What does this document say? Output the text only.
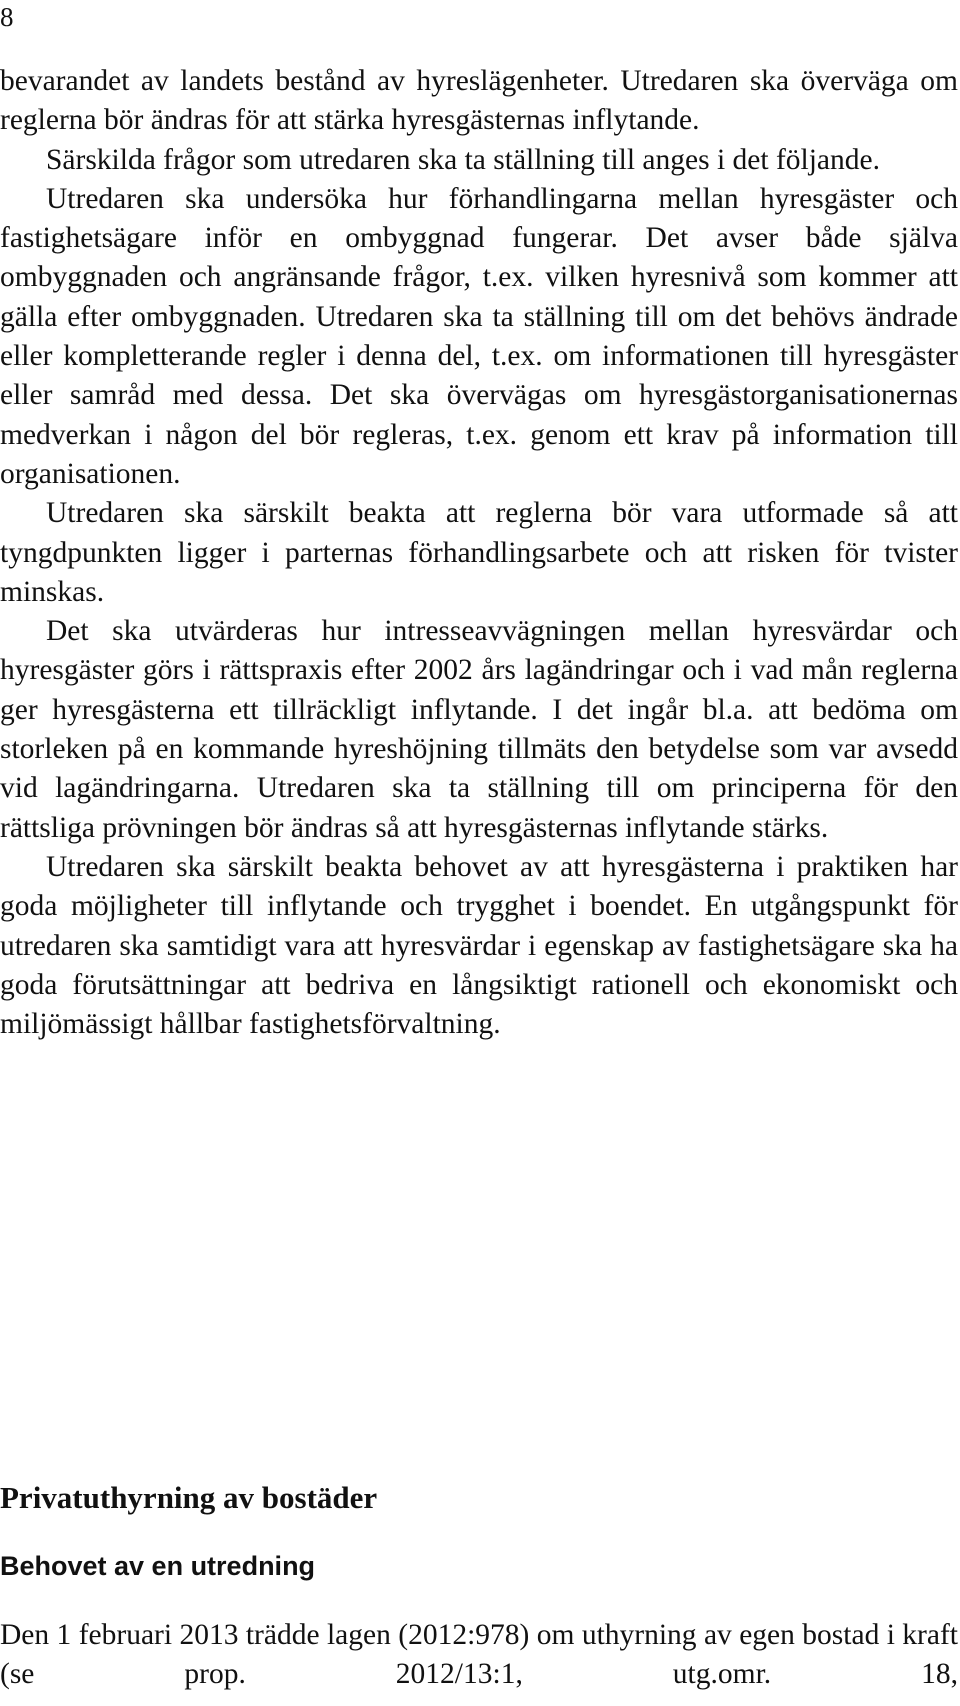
8

bevarandet av landets bestånd av hyreslägenheter. Utredaren ska överväga om reglerna bör ändras för att stärka hyresgästernas inflytande.

Särskilda frågor som utredaren ska ta ställning till anges i det följande.

Utredaren ska undersöka hur förhandlingarna mellan hyresgäster och fastighetsägare inför en ombyggnad fungerar. Det avser både själva ombyggnaden och angränsande frågor, t.ex. vilken hyresnivå som kommer att gälla efter ombyggnaden. Utredaren ska ta ställning till om det behövs ändrade eller kompletterande regler i denna del, t.ex. om informationen till hyresgäster eller samråd med dessa. Det ska övervägas om hyresgästorganisationernas medverkan i någon del bör regleras, t.ex. genom ett krav på information till organisationen.

Utredaren ska särskilt beakta att reglerna bör vara utformade så att tyngdpunkten ligger i parternas förhandlingsarbete och att risken för tvister minskas.

Det ska utvärderas hur intresseavvägningen mellan hyresvärdar och hyresgäster görs i rättspraxis efter 2002 års lagändringar och i vad mån reglerna ger hyresgästerna ett tillräckligt inflytande. I det ingår bl.a. att bedöma om storleken på en kommande hyreshöjning tillmäts den betydelse som var avsedd vid lagändringarna. Utredaren ska ta ställning till om principerna för den rättsliga prövningen bör ändras så att hyresgästernas inflytande stärks.

Utredaren ska särskilt beakta behovet av att hyresgästerna i praktiken har goda möjligheter till inflytande och trygghet i boendet. En utgångspunkt för utredaren ska samtidigt vara att hyresvärdar i egenskap av fastighetsägare ska ha goda förutsättningar att bedriva en långsiktigt rationell och ekonomiskt och miljömässigt hållbar fastighetsförvaltning.

Privatuthyrning av bostäder
Behovet av en utredning

Den 1 februari 2013 trädde lagen (2012:978) om uthyrning av egen bostad i kraft (se prop. 2012/13:1, utg.omr. 18,
